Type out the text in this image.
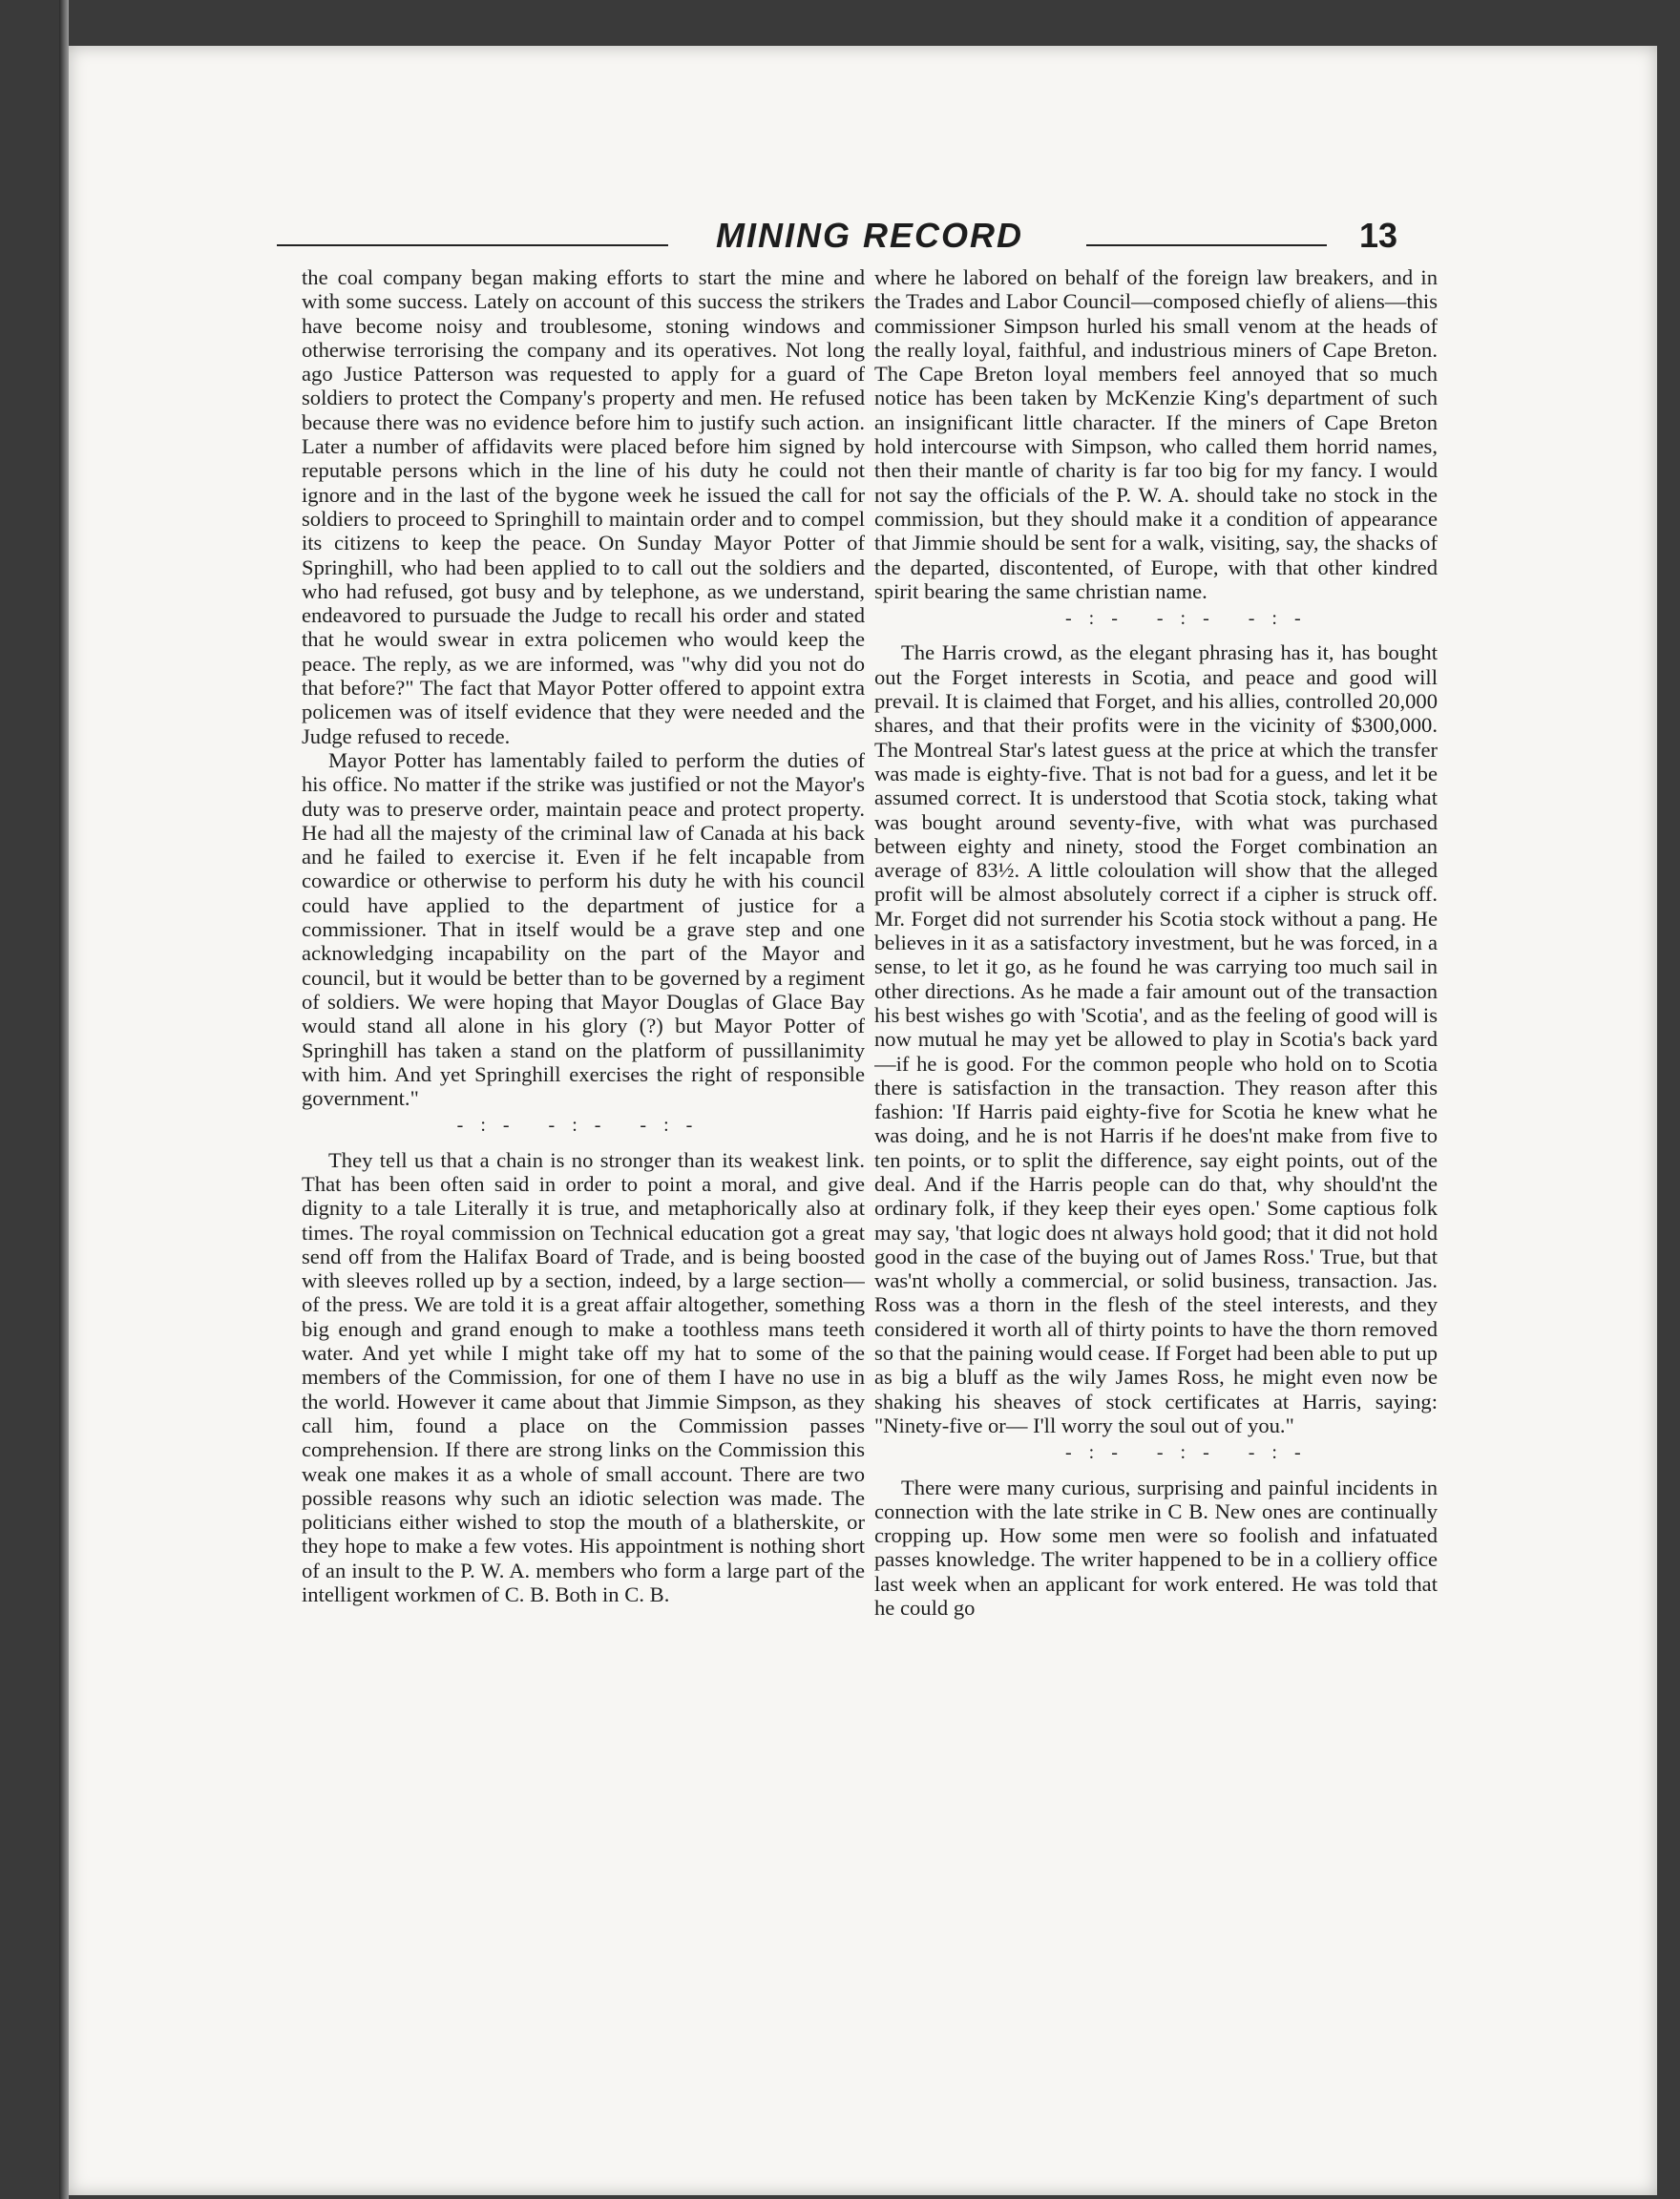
MINING RECORD	13

the coal company began making efforts to start the mine and with some success. Lately on account of this success the strikers have become noisy and troublesome, stoning windows and otherwise terrorising the company and its operatives. Not long ago Justice Patterson was requested to apply for a guard of soldiers to protect the Company's property and men. He refused because there was no evidence before him to justify such action. Later a number of affidavits were placed before him signed by reputable persons which in the line of his duty he could not ignore and in the last of the bygone week he issued the call for soldiers to proceed to Springhill to maintain order and to compel its citizens to keep the peace. On Sunday Mayor Potter of Springhill, who had been applied to to call out the soldiers and who had refused, got busy and by telephone, as we understand, endeavored to pursuade the Judge to recall his order and stated that he would swear in extra policemen who would keep the peace. The reply, as we are informed, was "why did you not do that before?" The fact that Mayor Potter offered to appoint extra policemen was of itself evidence that they were needed and the Judge refused to recede.

Mayor Potter has lamentably failed to perform the duties of his office. No matter if the strike was justified or not the Mayor's duty was to preserve order, maintain peace and protect property. He had all the majesty of the criminal law of Canada at his back and he failed to exercise it. Even if he felt incapable from cowardice or otherwise to perform his duty he with his council could have applied to the department of justice for a commissioner. That in itself would be a grave step and one acknowledging incapability on the part of the Mayor and council, but it would be better than to be governed by a regiment of soldiers. We were hoping that Mayor Douglas of Glace Bay would stand all alone in his glory (?) but Mayor Potter of Springhill has taken a stand on the platform of pussillanimity with him. And yet Springhill exercises the right of responsible government."

-:- -:- -:-

They tell us that a chain is no stronger than its weakest link. That has been often said in order to point a moral, and give dignity to a tale Literally it is true, and metaphorically also at times. The royal commission on Technical education got a great send off from the Halifax Board of Trade, and is being boosted with sleeves rolled up by a section, indeed, by a large section—of the press. We are told it is a great affair altogether, something big enough and grand enough to make a toothless mans teeth water. And yet while I might take off my hat to some of the members of the Commission, for one of them I have no use in the world. However it came about that Jimmie Simpson, as they call him, found a place on the Commission passes comprehension. If there are strong links on the Commission this weak one makes it as a whole of small account. There are two possible reasons why such an idiotic selection was made. The politicians either wished to stop the mouth of a blatherskite, or they hope to make a few votes. His appointment is nothing short of an insult to the P. W. A. members who form a large part of the intelligent workmen of C. B. Both in C. B.

where he labored on behalf of the foreign law breakers, and in the Trades and Labor Council—composed chiefly of aliens—this commissioner Simpson hurled his small venom at the heads of the really loyal, faithful, and industrious miners of Cape Breton. The Cape Breton loyal members feel annoyed that so much notice has been taken by McKenzie King's department of such an insignificant little character. If the miners of Cape Breton hold intercourse with Simpson, who called them horrid names, then their mantle of charity is far too big for my fancy. I would not say the officials of the P. W. A. should take no stock in the commission, but they should make it a condition of appearance that Jimmie should be sent for a walk, visiting, say, the shacks of the departed, discontented, of Europe, with that other kindred spirit bearing the same christian name.

-:- -:- -:-

The Harris crowd, as the elegant phrasing has it, has bought out the Forget interests in Scotia, and peace and good will prevail. It is claimed that Forget, and his allies, controlled 20,000 shares, and that their profits were in the vicinity of $300,000. The Montreal Star's latest guess at the price at which the transfer was made is eighty-five. That is not bad for a guess, and let it be assumed correct. It is understood that Scotia stock, taking what was bought around seventy-five, with what was purchased between eighty and ninety, stood the Forget combination an average of 83½. A little coloulation will show that the alleged profit will be almost absolutely correct if a cipher is struck off. Mr. Forget did not surrender his Scotia stock without a pang. He believes in it as a satisfactory investment, but he was forced, in a sense, to let it go, as he found he was carrying too much sail in other directions. As he made a fair amount out of the transaction his best wishes go with 'Scotia', and as the feeling of good will is now mutual he may yet be allowed to play in Scotia's back yard—if he is good. For the common people who hold on to Scotia there is satisfaction in the transaction. They reason after this fashion: 'If Harris paid eighty-five for Scotia he knew what he was doing, and he is not Harris if he does'nt make from five to ten points, or to split the difference, say eight points, out of the deal. And if the Harris people can do that, why should'nt the ordinary folk, if they keep their eyes open.' Some captious folk may say, 'that logic does nt always hold good; that it did not hold good in the case of the buying out of James Ross.' True, but that was'nt wholly a commercial, or solid business, transaction. Jas. Ross was a thorn in the flesh of the steel interests, and they considered it worth all of thirty points to have the thorn removed so that the paining would cease. If Forget had been able to put up as big a bluff as the wily James Ross, he might even now be shaking his sheaves of stock certificates at Harris, saying: "Ninety-five or— I'll worry the soul out of you."

-:- -:- -:-

There were many curious, surprising and painful incidents in connection with the late strike in C B. New ones are continually cropping up. How some men were so foolish and infatuated passes knowledge. The writer happened to be in a colliery office last week when an applicant for work entered. He was told that he could go
